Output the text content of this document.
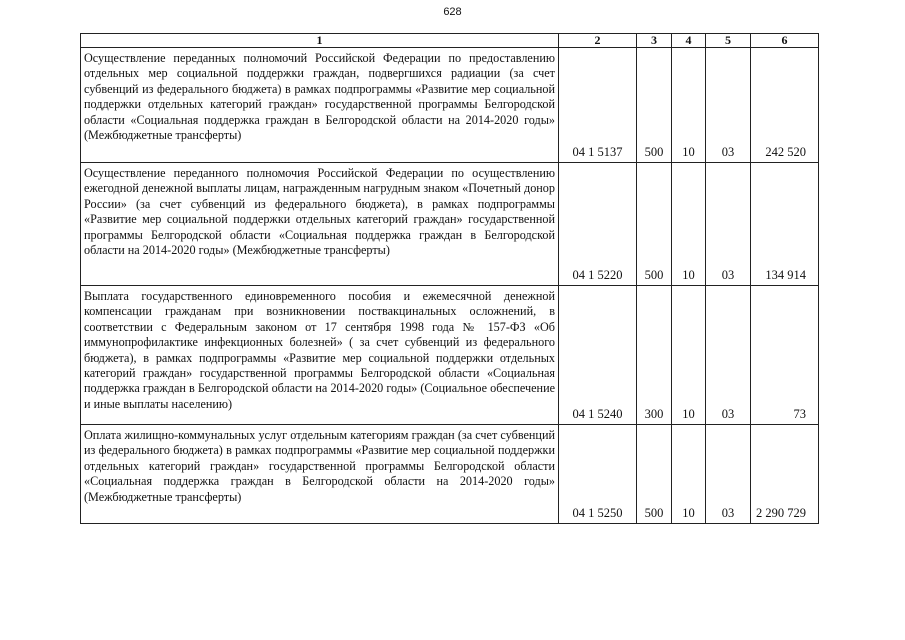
628
1	2	3	4	5	6
Осуществление переданных полномочий Российской Федерации по предоставлению отдельных мер социальной поддержки граждан, подвергшихся радиации (за счет субвенций из федерального бюджета) в рамках подпрограммы «Развитие мер социальной поддержки отдельных категорий граждан» государственной программы Белгородской области «Социальная поддержка граждан в Белгородской области на 2014-2020 годы» (Межбюджетные трансферты)	04 1 5137	500	10	03	242 520
Осуществление переданного полномочия Российской Федерации по осуществлению ежегодной денежной выплаты лицам, награжденным нагрудным знаком «Почетный донор России» (за счет субвенций из федерального бюджета), в рамках подпрограммы «Развитие мер социальной поддержки отдельных категорий граждан» государственной программы Белгородской области «Социальная поддержка граждан в Белгородской области на 2014-2020 годы» (Межбюджетные трансферты)	04 1 5220	500	10	03	134 914
Выплата государственного единовременного пособия и ежемесячной денежной компенсации гражданам при возникновении поствакцинальных осложнений, в соответствии с Федеральным законом от 17 сентября 1998 года № 157-ФЗ «Об иммунопрофилактике инфекционных болезней» ( за счет субвенций из федерального бюджета), в рамках подпрограммы «Развитие мер социальной поддержки отдельных категорий граждан» государственной программы Белгородской области «Социальная поддержка граждан в Белгородской области на 2014-2020 годы» (Социальное обеспечение и иные выплаты населению)	04 1 5240	300	10	03	73
Оплата жилищно-коммунальных услуг отдельным категориям граждан (за счет субвенций из федерального бюджета) в рамках подпрограммы «Развитие мер социальной поддержки отдельных категорий граждан» государственной программы Белгородской области «Социальная поддержка граждан в Белгородской области на 2014-2020 годы» (Межбюджетные трансферты)	04 1 5250	500	10	03	2 290 729
